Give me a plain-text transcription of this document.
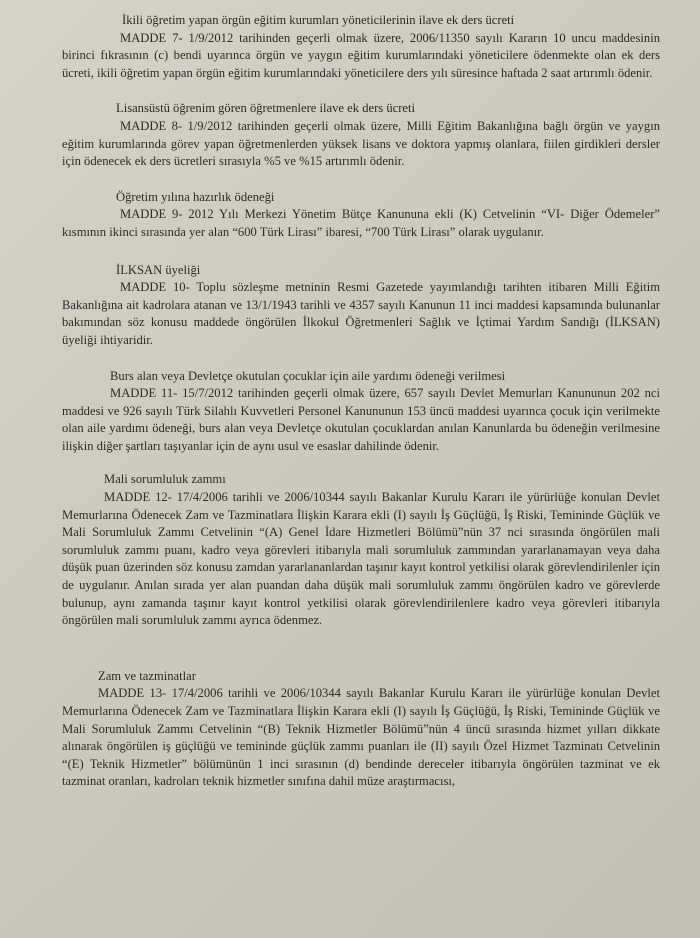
İkili öğretim yapan örgün eğitim kurumları yöneticilerinin ilave ek ders ücreti

MADDE 7- 1/9/2012 tarihinden geçerli olmak üzere, 2006/11350 sayılı Kararın 10 uncu maddesinin birinci fıkrasının (c) bendi uyarınca örgün ve yaygın eğitim kurumlarındaki yöneticilere ödenmekte olan ek ders ücreti, ikili öğretim yapan örgün eğitim kurumlarındaki yöneticilere ders yılı süresince haftada 2 saat artırımlı ödenir.

Lisansüstü öğrenim gören öğretmenlere ilave ek ders ücreti

MADDE 8- 1/9/2012 tarihinden geçerli olmak üzere, Milli Eğitim Bakanlığına bağlı örgün ve yaygın eğitim kurumlarında görev yapan öğretmenlerden yüksek lisans ve doktora yapmış olanlara, fiilen girdikleri dersler için ödenecek ek ders ücretleri sırasıyla %5 ve %15 artırımlı ödenir.

Öğretim yılına hazırlık ödeneği

MADDE 9- 2012 Yılı Merkezi Yönetim Bütçe Kanununa ekli (K) Cetvelinin “VI- Diğer Ödemeler” kısmının ikinci sırasında yer alan “600 Türk Lirası” ibaresi, “700 Türk Lirası” olarak uygulanır.

İLKSAN üyeliği

MADDE 10- Toplu sözleşme metninin Resmi Gazetede yayımlandığı tarihten itibaren Milli Eğitim Bakanlığına ait kadrolara atanan ve 13/1/1943 tarihli ve 4357 sayılı Kanunun 11 inci maddesi kapsamında bulunanlar bakımından söz konusu maddede öngörülen İlkokul Öğretmenleri Sağlık ve İçtimai Yardım Sandığı (İLKSAN) üyeliği ihtiyaridir.

Burs alan veya Devletçe okutulan çocuklar için aile yardımı ödeneği verilmesi

MADDE 11- 15/7/2012 tarihinden geçerli olmak üzere, 657 sayılı Devlet Memurları Kanununun 202 nci maddesi ve 926 sayılı Türk Silahlı Kuvvetleri Personel Kanununun 153 üncü maddesi uyarınca çocuk için verilmekte olan aile yardımı ödeneği, burs alan veya Devletçe okutulan çocuklardan anılan Kanunlarda bu ödeneğin verilmesine ilişkin diğer şartları taşıyanlar için de aynı usul ve esaslar dahilinde ödenir.

Mali sorumluluk zammı

MADDE 12- 17/4/2006 tarihli ve 2006/10344 sayılı Bakanlar Kurulu Kararı ile yürürlüğe konulan Devlet Memurlarına Ödenecek Zam ve Tazminatlara İlişkin Karara ekli (I) sayılı İş Güçlüğü, İş Riski, Temininde Güçlük ve Mali Sorumluluk Zammı Cetvelinin “(A) Genel İdare Hizmetleri Bölümü”nün 37 nci sırasında öngörülen mali sorumluluk zammı puanı, kadro veya görevleri itibarıyla mali sorumluluk zammından yararlanamayan veya daha düşük puan üzerinden söz konusu zamdan yararlananlardan taşınır kayıt kontrol yetkilisi olarak görevlendirilenler için de uygulanır. Anılan sırada yer alan puandan daha düşük mali sorumluluk zammı öngörülen kadro ve görevlerde bulunup, aynı zamanda taşınır kayıt kontrol yetkilisi olarak görevlendirilenlere kadro veya görevleri itibarıyla öngörülen mali sorumluluk zammı ayrıca ödenmez.

Zam ve tazminatlar

MADDE 13- 17/4/2006 tarihli ve 2006/10344 sayılı Bakanlar Kurulu Kararı ile yürürlüğe konulan Devlet Memurlarına Ödenecek Zam ve Tazminatlara İlişkin Karara ekli (I) sayılı İş Güçlüğü, İş Riski, Temininde Güçlük ve Mali Sorumluluk Zammı Cetvelinin “(B) Teknik Hizmetler Bölümü”nün 4 üncü sırasında hizmet yılları dikkate alınarak öngörülen iş güçlüğü ve temininde güçlük zammı puanları ile (II) sayılı Özel Hizmet Tazminatı Cetvelinin “(E) Teknik Hizmetler” bölümünün 1 inci sırasının (d) bendinde dereceler itibarıyla öngörülen tazminat ve ek tazminat oranları, kadroları teknik hizmetler sınıfına dahil müze araştırmacısı,
